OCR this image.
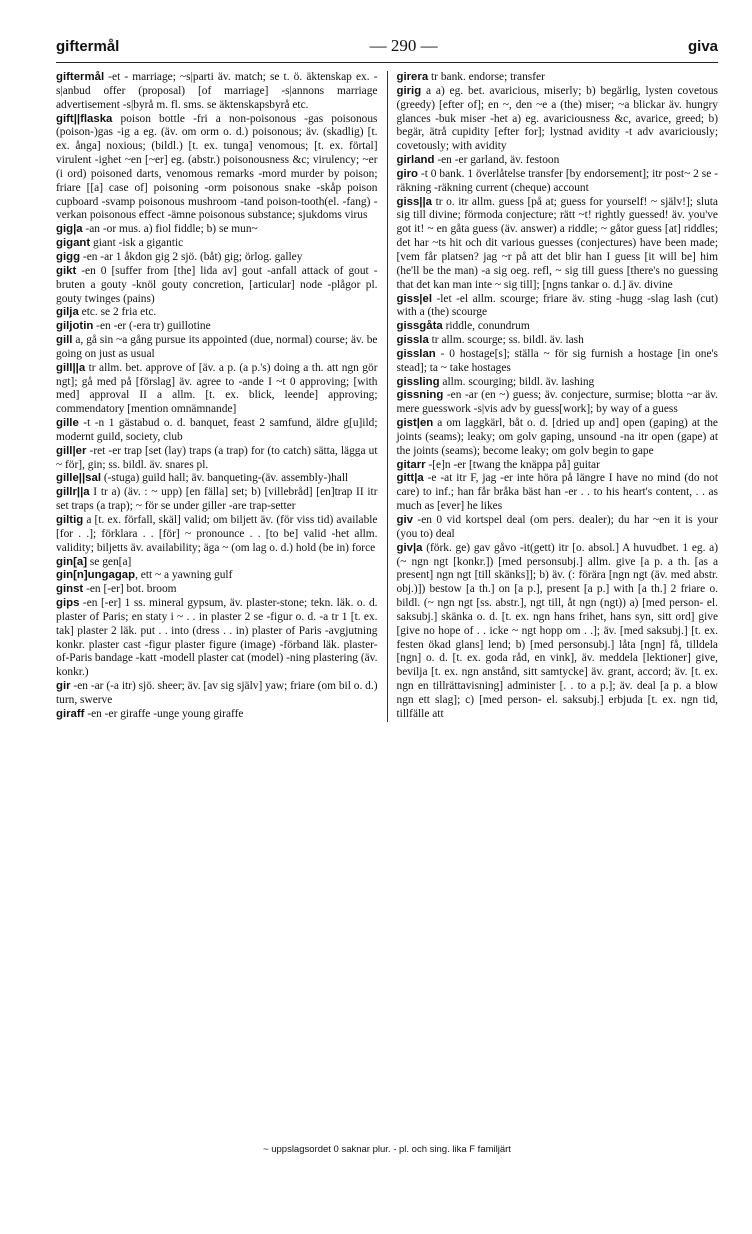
giftermål	— 290 —	giva

giftermål -et - marriage; ~s|parti äv. match; se t. ö. äktenskap ex. -s|anbud offer (proposal) [of marriage] -s|annons marriage advertisement -s|byrå m. fl. sms. se äktenskapsbyrå etc.

gift||flaska poison bottle -fri a non-poisonous -gas poisonous (poison-)gas -ig a eg. (äv. om orm o. d.) poisonous; äv. (skadlig) [t. ex. ånga] noxious; (bildl.) [t. ex. tunga] venomous; [t. ex. förtal] virulent -ighet ~en [~er] eg. (abstr.) poisonousness &c; virulency; ~er (i ord) poisoned darts, venomous remarks -mord murder by poison; friare [[a] case of] poisoning -orm poisonous snake -skåp poison cupboard -svamp poisonous mushroom -tand poison-tooth(el. -fang) -verkan poisonous effect -ämne poisonous substance; sjukdoms virus

gig|a -an -or mus. a) fiol fiddle; b) se mun~

gigant giant -isk a gigantic

gigg -en -ar 1 åkdon gig 2 sjö. (båt) gig; örlog. galley

gikt -en 0 [suffer from [the] lida av] gout -anfall attack of gout -bruten a gouty -knöl gouty concretion, [articular] node -plågor pl. gouty twinges (pains)

gilja etc. se 2 fria etc.

giljotin -en -er (-era tr) guillotine

gill a, gå sin ~a gång pursue its appointed (due, normal) course; äv. be going on just as usual

gill||a tr allm. bet. approve of [äv. a p. (a p.'s) doing a th. att ngn gör ngt]; gå med på [förslag] äv. agree to -ande I ~t 0 approving; [with med] approval II a allm. [t. ex. blick, leende] approving; commendatory [mention omnämnande]

gille -t -n 1 gästabud o. d. banquet, feast 2 samfund, äldre g[u]ild; modernt guild, society, club

gill|er -ret -er trap [set (lay) traps (a trap) for (to catch) sätta, lägga ut ~ för], gin; ss. bildl. äv. snares pl.

gille||sal (-stuga) guild hall; äv. banqueting-(äv. assembly-)hall

gillr||a I tr a) (äv. : ~ upp) [en fälla] set; b) [villebråd] [en]trap II itr set traps (a trap); ~ för se under giller -are trap-setter

giltig a [t. ex. förfall, skäl] valid; om biljett äv. (för viss tid) available [for . .]; förklara . . [för] ~ pronounce . . [to be] valid -het allm. validity; biljetts äv. availability; äga ~ (om lag o. d.) hold (be in) force

gin[a] se gen[a]

gin[n]ungagap, ett ~ a yawning gulf

ginst -en [-er] bot. broom

gips -en [-er] 1 ss. mineral gypsum, äv. plaster-stone; tekn. läk. o. d. plaster of Paris; en staty i ~ . . in plaster 2 se -figur o. d. -a tr 1 [t. ex. tak] plaster 2 läk. put . . into (dress . . in) plaster of Paris -avgjutning konkr. plaster cast -figur plaster figure (image) -förband läk. plaster-of-Paris bandage -katt -modell plaster cat (model) -ning plastering (äv. konkr.)

gir -en -ar (-a itr) sjö. sheer; äv. [av sig själv] yaw; friare (om bil o. d.) turn, swerve

giraff -en -er giraffe -unge young giraffe

girera tr bank. endorse; transfer

girig a a) eg. bet. avaricious, miserly; b) begärlig, lysten covetous (greedy) [efter of]; en ~, den ~e a (the) miser; ~a blickar äv. hungry glances -buk miser -het a) eg. avariciousness &c, avarice, greed; b) begär, ätrå cupidity [efter for]; lystnad avidity -t adv avariciously; covetously; with avidity

girland -en -er garland, äv. festoon

giro -t 0 bank. 1 överlåtelse transfer [by endorsement]; itr post~ 2 se -räkning -räkning current (cheque) account

giss||a tr o. itr allm. guess [på at; guess for yourself! ~ själv!]; sluta sig till divine; förmoda conjecture; rätt ~t! rightly guessed! äv. you've got it! ~ en gåta guess (äv. answer) a riddle; ~ gåtor guess [at] riddles; det har ~ts hit och dit various guesses (conjectures) have been made; [vem får platsen? jag ~r på att det blir han I guess [it will be] him (he'll be the man) -a sig oeg. refl, ~ sig till guess [there's no guessing that det kan man inte ~ sig till]; [ngns tankar o. d.] äv. divine

giss|el -let -el allm. scourge; friare äv. sting -hugg -slag lash (cut) with a (the) scourge

gissgåta riddle, conundrum

gissla tr allm. scourge; ss. bildl. äv. lash

gisslan - 0 hostage[s]; ställa ~ för sig furnish a hostage [in one's stead]; ta ~ take hostages

gissling allm. scourging; bildl. äv. lashing

gissning -en -ar (en ~) guess; äv. conjecture, surmise; blotta ~ar äv. mere guesswork -s|vis adv by guess[work]; by way of a guess

gist|en a om laggkärl, båt o. d. [dried up and] open (gaping) at the joints (seams); leaky; om golv gaping, unsound -na itr open (gape) at the joints (seams); become leaky; om golv begin to gape

gitarr -[e]n -er [twang the knäppa på] guitar

gitt|a -e -at itr F, jag -er inte höra på längre I have no mind (do not care) to inf.; han får bråka bäst han -er . . to his heart's content, . . as much as [ever] he likes

giv -en 0 vid kortspel deal (om pers. dealer); du har ~en it is your (you to) deal

giv|a (förk. ge) gav gåvo -it(gett) itr [o. absol.] A huvudbet. 1 eg. a) (~ ngn ngt [konkr.]) [med personsubj.] allm. give [a p. a th. [as a present] ngn ngt [till skänks]]; b) äv. (: förära [ngn ngt (äv. med abstr. obj.)]) bestow [a th.] on [a p.], present [a p.] with [a th.] 2 friare o. bildl. (~ ngn ngt [ss. abstr.], ngt till, åt ngn (ngt)) a) [med person- el. saksubj.] skänka o. d. [t. ex. ngn hans frihet, hans syn, sitt ord] give [give no hope of . . icke ~ ngt hopp om . .]; äv. [med saksubj.] [t. ex. festen ökad glans] lend; b) [med personsubj.] låta [ngn] få, tilldela [ngn] o. d. [t. ex. goda råd, en vink], äv. meddela [lektioner] give, bevilja [t. ex. ngn anstånd, sitt samtycke] äv. grant, accord; äv. [t. ex. ngn en tillrättavisning] administer [. . to a p.]; äv. deal [a p. a blow ngn ett slag]; c) [med person- el. saksubj.] erbjuda [t. ex. ngn tid, tillfälle att

~ uppslagsordet 0 saknar plur. - pl. och sing. lika F familjärt
